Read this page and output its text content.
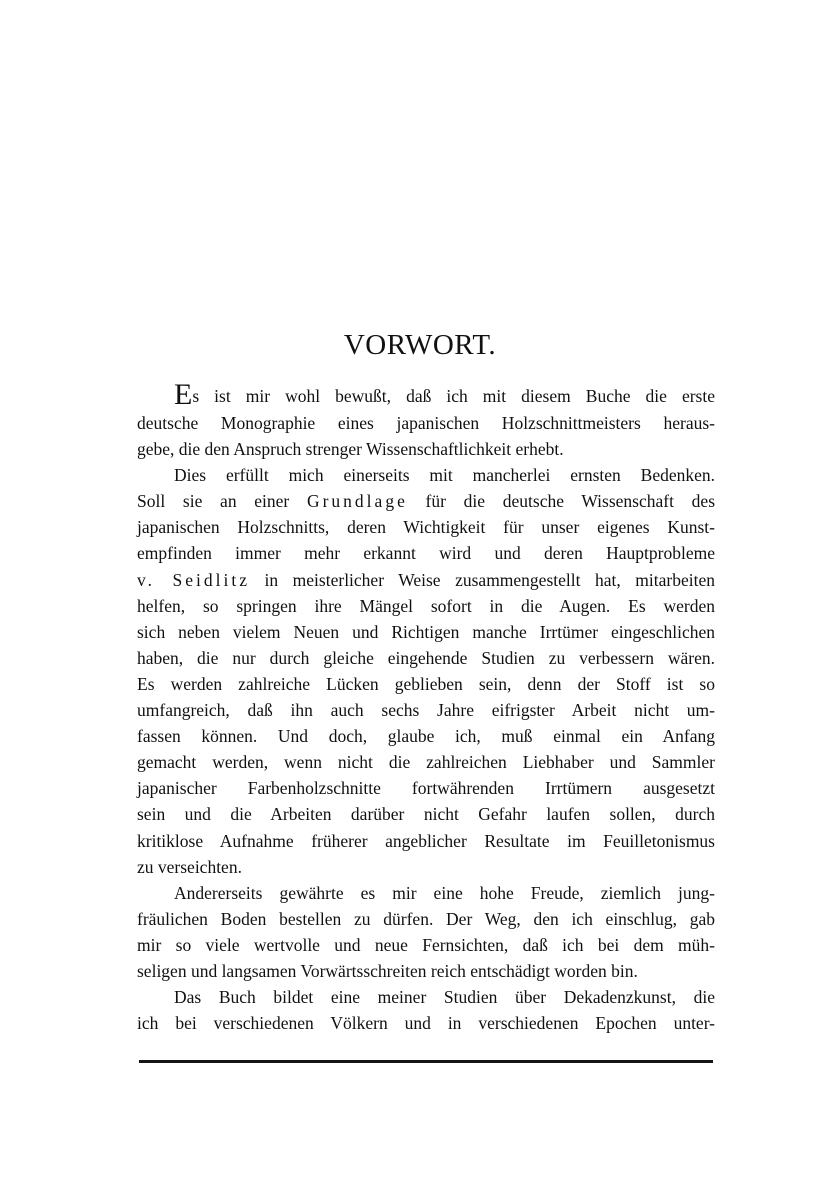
VORWORT.
Es ist mir wohl bewußt, daß ich mit diesem Buche die erste
deutsche Monographie eines japanischen Holzschnittmeisters heraus-
gebe, die den Anspruch strenger Wissenschaftlichkeit erhebt.
Dies erfüllt mich einerseits mit mancherlei ernsten Bedenken.
Soll sie an einer Grundlage für die deutsche Wissenschaft des
japanischen Holzschnitts, deren Wichtigkeit für unser eigenes Kunst-
empfinden immer mehr erkannt wird und deren Hauptprobleme
v. Seidlitz in meisterlicher Weise zusammengestellt hat, mitarbeiten
helfen, so springen ihre Mängel sofort in die Augen. Es werden
sich neben vielem Neuen und Richtigen manche Irrtümer eingeschlichen
haben, die nur durch gleiche eingehende Studien zu verbessern wären.
Es werden zahlreiche Lücken geblieben sein, denn der Stoff ist so
umfangreich, daß ihn auch sechs Jahre eifrigster Arbeit nicht um-
fassen können. Und doch, glaube ich, muß einmal ein Anfang
gemacht werden, wenn nicht die zahlreichen Liebhaber und Sammler
japanischer Farbenholzschnitte fortwährenden Irrtümern ausgesetzt
sein und die Arbeiten darüber nicht Gefahr laufen sollen, durch
kritiklose Aufnahme früherer angeblicher Resultate im Feuilletonismus
zu verseichten.
Andererseits gewährte es mir eine hohe Freude, ziemlich jung-
fräulichen Boden bestellen zu dürfen. Der Weg, den ich einschlug, gab
mir so viele wertvolle und neue Fernsichten, daß ich bei dem müh-
seligen und langsamen Vorwärtsschreiten reich entschädigt worden bin.
Das Buch bildet eine meiner Studien über Dekadenzkunst, die
ich bei verschiedenen Völkern und in verschiedenen Epochen unter-
